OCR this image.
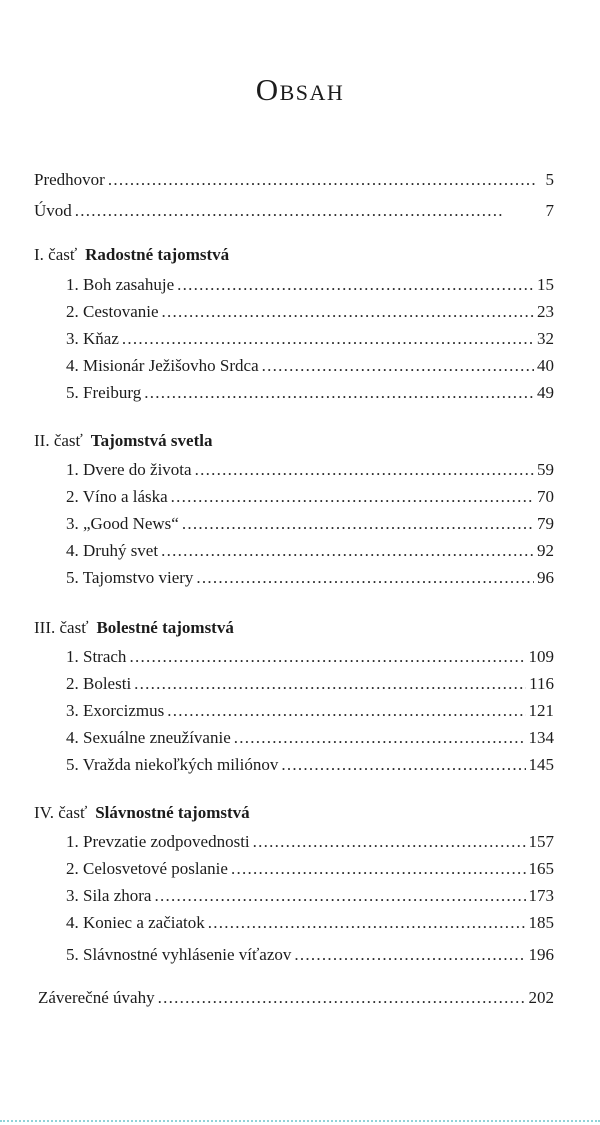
Obsah
Predhovor . . .	5
Úvod . . .	7
I. časť Radostné tajomstvá
1. Boh zasahuje . . .	15
2. Cestovanie . . .	23
3. Kňaz . . .	32
4. Misionár Ježišovho Srdca . . .	40
5. Freiburg . . .	49
II. časť Tajomstvá svetla
1. Dvere do života . . .	59
2. Víno a láska . . .	70
3. „Good News“ . . .	79
4. Druhý svet . . .	92
5. Tajomstvo viery . . .	96
III. časť Bolestné tajomstvá
1. Strach . . .	109
2. Bolesti . . .	116
3. Exorcizmus . . .	121
4. Sexuálne zneužívanie . . .	134
5. Vražda niekoľkých miliónov . . .	145
IV. časť Slávnostné tajomstvá
1. Prevzatie zodpovednosti . . .	157
2. Celosvetové poslanie . . .	165
3. Sila zhora . . .	173
4. Koniec a začiatok . . .	185
5. Slávnostné vyhlásenie víťazov . . .	196
Záverečné úvahy . . .	202
